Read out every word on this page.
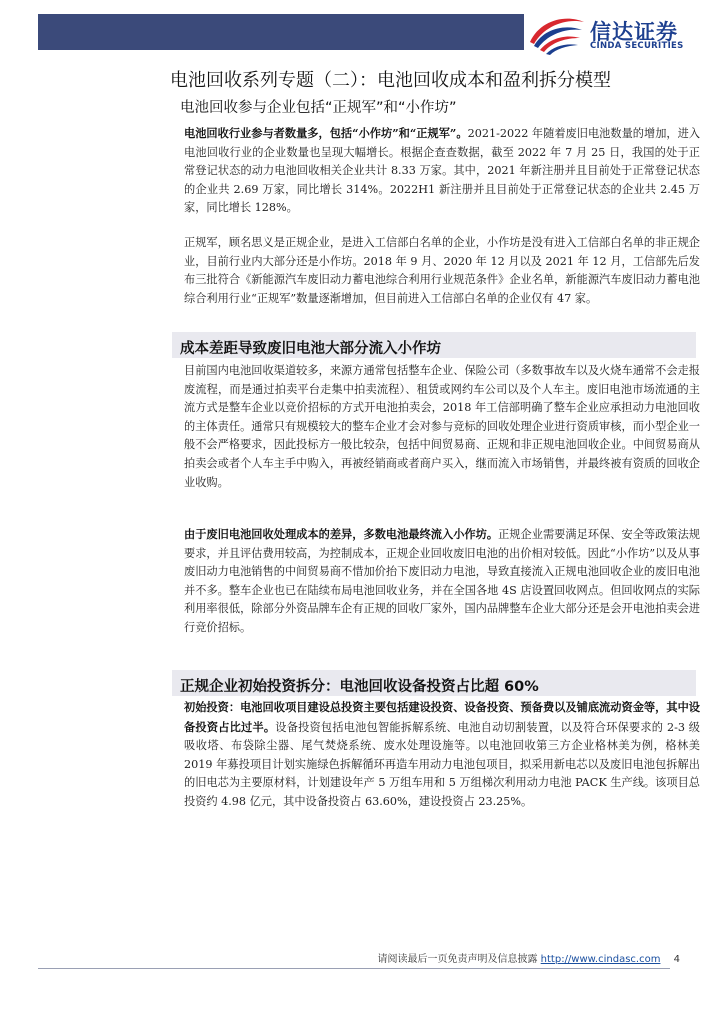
信达证券
CINDA SECURITIES
电池回收系列专题（二）：电池回收成本和盈利拆分模型
电池回收参与企业包括“正规军”和“小作坊”
电池回收行业参与者数量多，包括“小作坊”和“正规军”。2021-2022 年随着废旧电池数量的增加，进入电池回收行业的企业数量也呈现大幅增长。根据企查查数据，截至 2022 年 7 月 25 日，我国的处于正常登记状态的动力电池回收相关企业共计 8.33 万家。其中，2021 年新注册并且目前处于正常登记状态的企业共 2.69 万家，同比增长 314%。2022H1 新注册并且目前处于正常登记状态的企业共 2.45 万家，同比增长 128%。
正规军，顾名思义是正规企业，是进入工信部白名单的企业，小作坊是没有进入工信部白名单的非正规企业，目前行业内大部分还是小作坊。2018 年 9 月、2020 年 12 月以及 2021 年 12 月，工信部先后发布三批符合《新能源汽车废旧动力蓄电池综合利用行业规范条件》企业名单，新能源汽车废旧动力蓄电池综合利用行业“正规军”数量逐渐增加，但目前进入工信部白名单的企业仅有 47 家。
成本差距导致废旧电池大部分流入小作坊
目前国内电池回收渠道较多，来源方通常包括整车企业、保险公司（多数事故车以及火烧车通常不会走报废流程，而是通过拍卖平台走集中拍卖流程）、租赁或网约车公司以及个人车主。废旧电池市场流通的主流方式是整车企业以竞价招标的方式开电池拍卖会，2018 年工信部明确了整车企业应承担动力电池回收的主体责任。通常只有规模较大的整车企业才会对参与竞标的回收处理企业进行资质审核，而小型企业一般不会严格要求，因此投标方一般比较杂，包括中间贸易商、正规和非正规电池回收企业。中间贸易商从拍卖会或者个人车主手中购入，再被经销商或者商户买入，继而流入市场销售，并最终被有资质的回收企业收购。
由于废旧电池回收处理成本的差异，多数电池最终流入小作坊。正规企业需要满足环保、安全等政策法规要求，并且评估费用较高，为控制成本，正规企业回收废旧电池的出价相对较低。因此“小作坊”以及从事废旧动力电池销售的中间贸易商不惜加价抬下废旧动力电池，导致直接流入正规电池回收企业的废旧电池并不多。整车企业也已在陆续布局电池回收业务，并在全国各地 4S 店设置回收网点。但回收网点的实际利用率很低，除部分外资品牌车企有正规的回收厂家外，国内品牌整车企业大部分还是会开电池拍卖会进行竞价招标。
正规企业初始投资拆分：电池回收设备投资占比超 60%
初始投资：电池回收项目建设总投资主要包括建设投资、设备投资、预备费以及铺底流动资金等，其中设备投资占比过半。设备投资包括电池包智能拆解系统、电池自动切割装置，以及符合环保要求的 2-3 级吸收塔、布袋除尘器、尾气焚烧系统、废水处理设施等。以电池回收第三方企业格林美为例，格林美 2019 年募投项目计划实施绿色拆解循环再造车用动力电池包项目，拟采用新电芯以及废旧电池包拆解出的旧电芯为主要原材料，计划建设年产 5 万组车用和 5 万组梯次利用动力电池 PACK 生产线。该项目总投资约 4.98 亿元，其中设备投资占 63.60%，建设投资占 23.25%。
请阅读最后一页免责声明及信息披露 http://www.cindasc.com 4
